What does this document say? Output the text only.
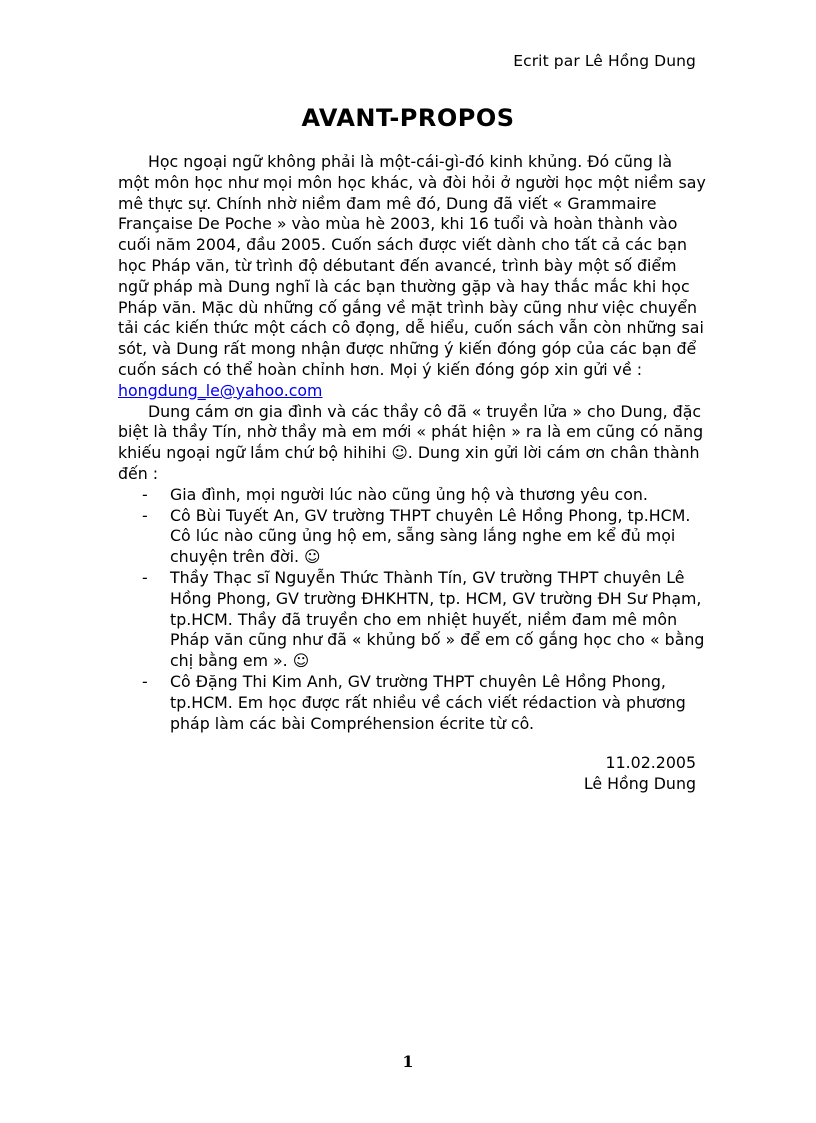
Ecrit par Lê Hồng Dung
AVANT-PROPOS

Học ngoại ngữ không phải là một-cái-gì-đó kinh khủng. Đó cũng là một môn học như mọi môn học khác, và đòi hỏi ở người học một niềm say mê thực sự. Chính nhờ niềm đam mê đó, Dung đã viết « Grammaire Française De Poche » vào mùa hè 2003, khi 16 tuổi và hoàn thành vào cuối năm 2004, đầu 2005. Cuốn sách được viết dành cho tất cả các bạn học Pháp văn, từ trình độ débutant đến avancé, trình bày một số điểm ngữ pháp mà Dung nghĩ là các bạn thường gặp và hay thắc mắc khi học Pháp văn. Mặc dù những cố gắng về mặt trình bày cũng như việc chuyển tải các kiến thức một cách cô đọng, dễ hiểu, cuốn sách vẫn còn những sai sót, và Dung rất mong nhận được những ý kiến đóng góp của các bạn để cuốn sách có thể hoàn chỉnh hơn. Mọi ý kiến đóng góp xin gửi về : hongdung_le@yahoo.com

Dung cám ơn gia đình và các thầy cô đã « truyền lửa » cho Dung, đặc biệt là thầy Tín, nhờ thầy mà em mới « phát hiện » ra là em cũng có năng khiếu ngoại ngữ lắm chứ bộ hihihi ☺. Dung xin gửi lời cám ơn chân thành đến :

- Gia đình, mọi người lúc nào cũng ủng hộ và thương yêu con.
- Cô Bùi Tuyết An, GV trường THPT chuyên Lê Hồng Phong, tp.HCM. Cô lúc nào cũng ủng hộ em, sẵng sàng lắng nghe em kể đủ mọi chuyện trên đời. ☺
- Thầy Thạc sĩ Nguyễn Thức Thành Tín, GV trường THPT chuyên Lê Hồng Phong, GV trường ĐHKHTN, tp. HCM, GV trường ĐH Sư Phạm, tp.HCM. Thầy đã truyền cho em nhiệt huyết, niềm đam mê môn Pháp văn cũng như đã « khủng bố » để em cố gắng học cho « bằng chị bằng em ». ☺
- Cô Đặng Thi Kim Anh, GV trường THPT chuyên Lê Hồng Phong, tp.HCM. Em học được rất nhiều về cách viết rédaction và phương pháp làm các bài Compréhension écrite từ cô.
11.02.2005
Lê Hồng Dung
1
